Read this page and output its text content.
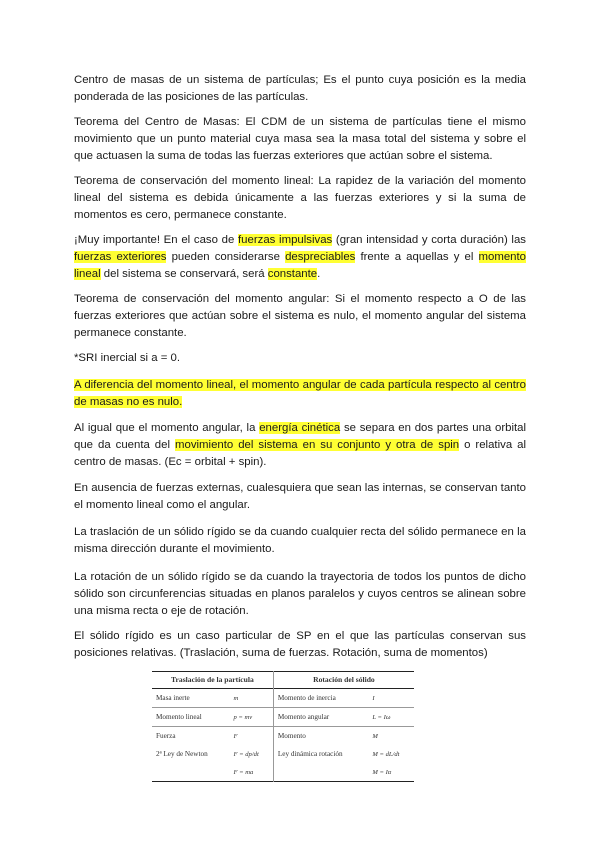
Centro de masas de un sistema de partículas; Es el punto cuya posición es la media ponderada de las posiciones de las partículas.

Teorema del Centro de Masas: El CDM de un sistema de partículas tiene el mismo movimiento que un punto material cuya masa sea la masa total del sistema y sobre el que actuasen la suma de todas las fuerzas exteriores que actúan sobre el sistema.

Teorema de conservación del momento lineal: La rapidez de la variación del momento lineal del sistema es debida únicamente a las fuerzas exteriores y si la suma de momentos es cero, permanece constante.

¡Muy importante! En el caso de fuerzas impulsivas (gran intensidad y corta duración) las fuerzas exteriores pueden considerarse despreciables frente a aquellas y el momento lineal del sistema se conservará, será constante.

Teorema de conservación del momento angular: Si el momento respecto a O de las fuerzas exteriores que actúan sobre el sistema es nulo, el momento angular del sistema permanece constante.

*SRI inercial si a = 0.

A diferencia del momento lineal, el momento angular de cada partícula respecto al centro de masas no es nulo.

Al igual que el momento angular, la energía cinética se separa en dos partes una orbital que da cuenta del movimiento del sistema en su conjunto y otra de spin o relativa al centro de masas. (Ec = orbital + spin).

En ausencia de fuerzas externas, cualesquiera que sean las internas, se conservan tanto el momento lineal como el angular.

La traslación de un sólido rígido se da cuando cualquier recta del sólido permanece en la misma dirección durante el movimiento.

La rotación de un sólido rígido se da cuando la trayectoria de todos los puntos de dicho sólido son circunferencias situadas en planos paralelos y cuyos centros se alinean sobre una misma recta o eje de rotación.

El sólido rígido es un caso particular de SP en el que las partículas conservan sus posiciones relativas. (Traslación, suma de fuerzas. Rotación, suma de momentos)

Traslación de la partícula		Rotación del sólido	
Masa inerte	m	Momento de inercia	I
Momento lineal	p = mv	Momento angular	L = Iω
Fuerza	F	Momento	M
2ª Ley de Newton	F = dp/dt	Ley dinámica rotación	M = dL/dt
	F = ma		M = Iα
